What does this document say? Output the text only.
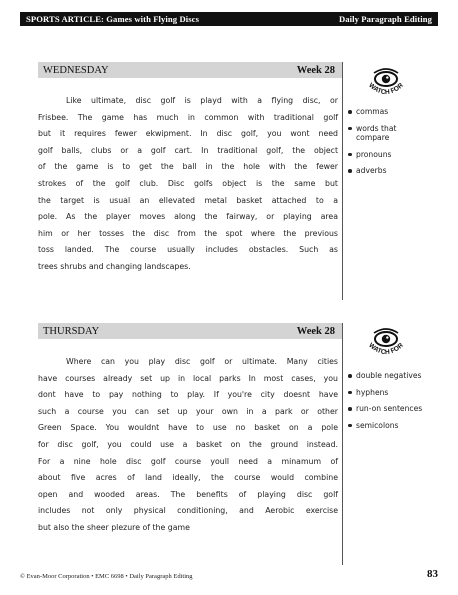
SPORTS ARTICLE: Games with Flying Discs	Daily Paragraph Editing
WEDNESDAY	Week 28
Like ultimate, disc golf is playd with a flying disc, or
Frisbee. The game has much in common with traditional golf
but it requires fewer ekwipment. In disc golf, you wont need
golf balls, clubs or a golf cart. In traditional golf, the object
of the game is to get the ball in the hole with the fewer
strokes of the golf club. Disc golfs object is the same but
the target is usual an ellevated metal basket attached to a
pole. As the player moves along the fairway, or playing area
him or her tosses the disc from the spot where the previous
toss landed. The course usually includes obstacles. Such as
trees shrubs and changing landscapes.
WATCH FOR
commas
words that compare
pronouns
adverbs
THURSDAY	Week 28
Where can you play disc golf or ultimate. Many cities
have courses already set up in local parks In most cases, you
dont have to pay nothing to play. If you're city doesnt have
such a course you can set up your own in a park or other
Green Space. You wouldnt have to use no basket on a pole
for disc golf, you could use a basket on the ground instead.
For a nine hole disc golf course youll need a minamum of
about five acres of land ideally, the course would combine
open and wooded areas. The benefits of playing disc golf
includes not only physical conditioning, and Aerobic exercise
but also the sheer plezure of the game
WATCH FOR
double negatives
hyphens
run-on sentences
semicolons
© Evan-Moor Corporation • EMC 6698 • Daily Paragraph Editing	83
